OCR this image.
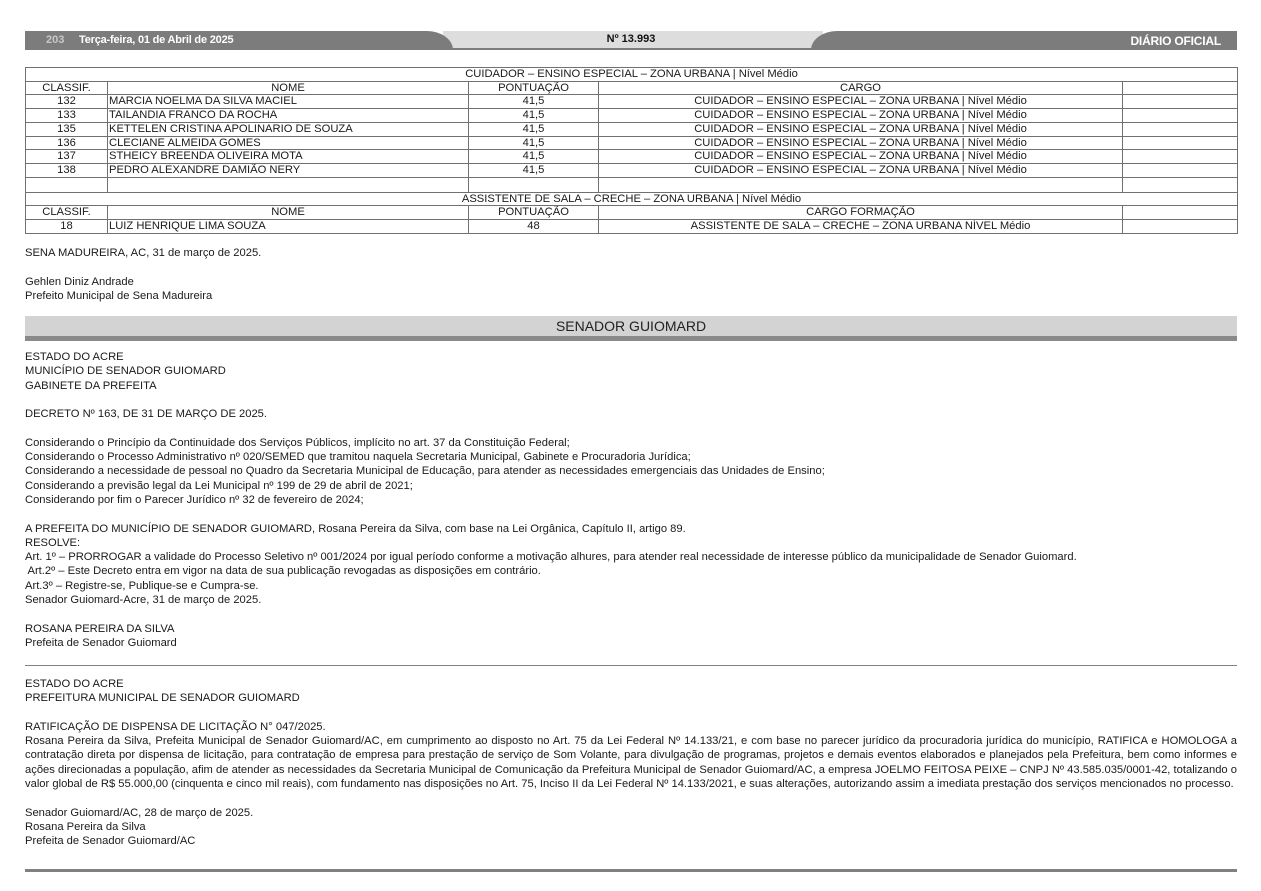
203 Terça-feira, 01 de Abril de 2025	Nº 13.993	DIÁRIO OFICIAL
CUIDADOR – ENSINO ESPECIAL – ZONA URBANA | Nível Médio				
CLASSIF.	NOME	PONTUAÇÃO	CARGO	
132	MARCIA NOELMA DA SILVA MACIEL	41,5	CUIDADOR – ENSINO ESPECIAL – ZONA URBANA | Nível Médio	
133	TAILANDIA FRANCO DA ROCHA	41,5	CUIDADOR – ENSINO ESPECIAL – ZONA URBANA | Nível Médio	
135	KETTELEN CRISTINA APOLINARIO DE SOUZA	41,5	CUIDADOR – ENSINO ESPECIAL – ZONA URBANA | Nível Médio	
136	CLECIANE ALMEIDA GOMES	41,5	CUIDADOR – ENSINO ESPECIAL – ZONA URBANA | Nível Médio	
137	STHEICY BREENDA OLIVEIRA MOTA	41,5	CUIDADOR – ENSINO ESPECIAL – ZONA URBANA | Nível Médio	
138	PEDRO ALEXANDRE DAMIÃO NERY	41,5	CUIDADOR – ENSINO ESPECIAL – ZONA URBANA | Nível Médio	

ASSISTENTE DE SALA – CRECHE – ZONA URBANA | Nível Médio				
CLASSIF.	NOME	PONTUAÇÃO	CARGO FORMAÇÃO	
18	LUIZ HENRIQUE LIMA SOUZA	48	ASSISTENTE DE SALA – CRECHE – ZONA URBANA NÍVEL Médio	
SENA MADUREIRA, AC, 31 de março de 2025.
Gehlen Diniz Andrade
Prefeito Municipal de Sena Madureira
SENADOR GUIOMARD
ESTADO DO ACRE
MUNICÍPIO DE SENADOR GUIOMARD
GABINETE DA PREFEITA
DECRETO Nº 163, DE 31 DE MARÇO DE 2025.
Considerando o Princípio da Continuidade dos Serviços Públicos, implícito no art. 37 da Constituição Federal;
Considerando o Processo Administrativo nº 020/SEMED que tramitou naquela Secretaria Municipal, Gabinete e Procuradoria Jurídica;
Considerando a necessidade de pessoal no Quadro da Secretaria Municipal de Educação, para atender as necessidades emergenciais das Unidades de Ensino;
Considerando a previsão legal da Lei Municipal nº 199 de 29 de abril de 2021;
Considerando por fim o Parecer Jurídico nº 32 de fevereiro de 2024;
A PREFEITA DO MUNICÍPIO DE SENADOR GUIOMARD, Rosana Pereira da Silva, com base na Lei Orgânica, Capítulo II, artigo 89.
RESOLVE:
Art. 1º – PRORROGAR a validade do Processo Seletivo nº 001/2024 por igual período conforme a motivação alhures, para atender real necessidade de interesse público da municipalidade de Senador Guiomard.
Art.2º – Este Decreto entra em vigor na data de sua publicação revogadas as disposições em contrário.
Art.3º – Registre-se, Publique-se e Cumpra-se.
Senador Guiomard-Acre, 31 de março de 2025.
ROSANA PEREIRA DA SILVA
Prefeita de Senador Guiomard
ESTADO DO ACRE
PREFEITURA MUNICIPAL DE SENADOR GUIOMARD
RATIFICAÇÃO DE DISPENSA DE LICITAÇÃO N° 047/2025.
Rosana Pereira da Silva, Prefeita Municipal de Senador Guiomard/AC, em cumprimento ao disposto no Art. 75 da Lei Federal Nº 14.133/21, e com base no parecer jurídico da procuradoria jurídica do município, RATIFICA e HOMOLOGA a contratação direta por dispensa de licitação, para contratação de empresa para prestação de serviço de Som Volante, para divulgação de programas, projetos e demais eventos elaborados e planejados pela Prefeitura, bem como informes e ações direcionadas a população, afim de atender as necessidades da Secretaria Municipal de Comunicação da Prefeitura Municipal de Senador Guiomard/AC, a empresa JOELMO FEITOSA PEIXE – CNPJ Nº 43.585.035/0001-42, totalizando o valor global de R$ 55.000,00 (cinquenta e cinco mil reais), com fundamento nas disposições no Art. 75, Inciso II da Lei Federal Nº 14.133/2021, e suas alterações, autorizando assim a imediata prestação dos serviços mencionados no processo.
Senador Guiomard/AC, 28 de março de 2025.
Rosana Pereira da Silva
Prefeita de Senador Guiomard/AC
